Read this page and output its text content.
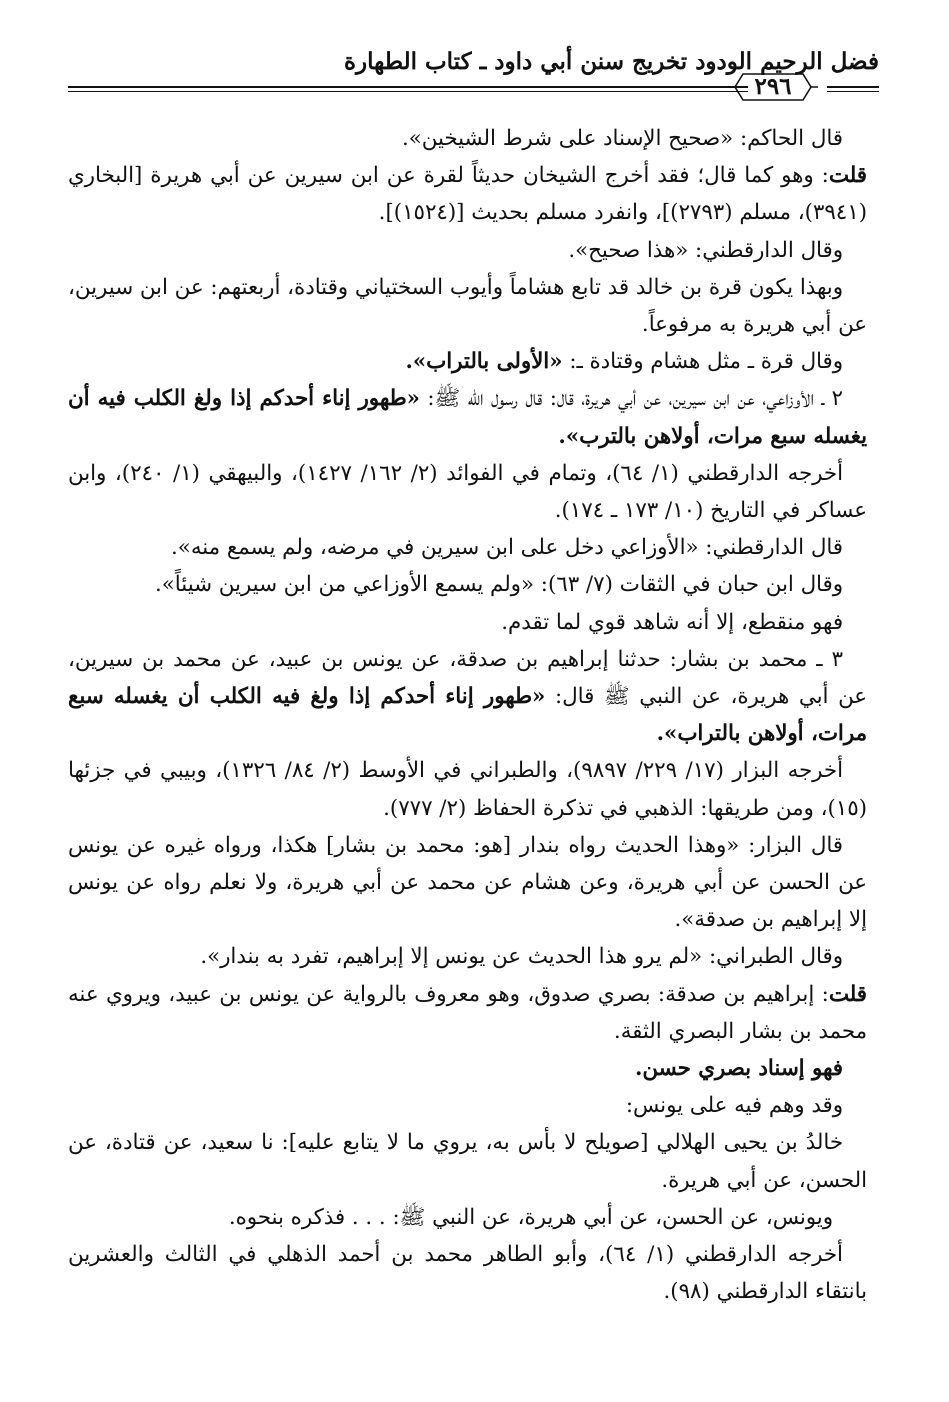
فضل الرحيم الودود تخريج سنن أبي داود ـ كتاب الطهارة
٢٩٦

قال الحاكم: «صحيح الإسناد على شرط الشيخين».

قلت: وهو كما قال؛ فقد أخرج الشيخان حديثاً لقرة عن ابن سيرين عن أبي هريرة [البخاري (٣٩٤١)، مسلم (٢٧٩٣)]، وانفرد مسلم بحديث [(١٥٢٤)].

وقال الدارقطني: «هذا صحيح».

وبهذا يكون قرة بن خالد قد تابع هشاماً وأيوب السختياني وقتادة، أربعتهم: عن ابن سيرين، عن أبي هريرة به مرفوعاً.

وقال قرة ـ مثل هشام وقتادة ـ: «الأولى بالتراب».

٢ ـ الأوزاعي، عن ابن سيرين، عن أبي هريرة، قال: قال رسول الله ﷺ: «طهور إناء أحدكم إذا ولغ الكلب فيه أن يغسله سبع مرات، أولاهن بالترب».

أخرجه الدارقطني (١/ ٦٤)، وتمام في الفوائد (٢/ ١٦٢/ ١٤٢٧)، والبيهقي (١/ ٢٤٠)، وابن عساكر في التاريخ (١٠/ ١٧٣ ـ ١٧٤).

قال الدارقطني: «الأوزاعي دخل على ابن سيرين في مرضه، ولم يسمع منه».

وقال ابن حبان في الثقات (٧/ ٦٣): «ولم يسمع الأوزاعي من ابن سيرين شيئاً».

فهو منقطع، إلا أنه شاهد قوي لما تقدم.

٣ ـ محمد بن بشار: حدثنا إبراهيم بن صدقة، عن يونس بن عبيد، عن محمد بن سيرين، عن أبي هريرة، عن النبي ﷺ قال: «طهور إناء أحدكم إذا ولغ فيه الكلب أن يغسله سبع مرات، أولاهن بالتراب».

أخرجه البزار (١٧/ ٢٢٩/ ٩٨٩٧)، والطبراني في الأوسط (٢/ ٨٤/ ١٣٢٦)، وبيبي في جزئها (١٥)، ومن طريقها: الذهبي في تذكرة الحفاظ (٢/ ٧٧٧).

قال البزار: «وهذا الحديث رواه بندار [هو: محمد بن بشار] هكذا، ورواه غيره عن يونس عن الحسن عن أبي هريرة، وعن هشام عن محمد عن أبي هريرة، ولا نعلم رواه عن يونس إلا إبراهيم بن صدقة».

وقال الطبراني: «لم يرو هذا الحديث عن يونس إلا إبراهيم، تفرد به بندار».

قلت: إبراهيم بن صدقة: بصري صدوق، وهو معروف بالرواية عن يونس بن عبيد، ويروي عنه محمد بن بشار البصري الثقة.

فهو إسناد بصري حسن.

وقد وهم فيه على يونس:

خالدُ بن يحيى الهلالي [صويلح لا بأس به، يروي ما لا يتابع عليه]: نا سعيد، عن قتادة، عن الحسن، عن أبي هريرة.

ويونس، عن الحسن، عن أبي هريرة، عن النبي ﷺ: . . . فذكره بنحوه.

أخرجه الدارقطني (١/ ٦٤)، وأبو الطاهر محمد بن أحمد الذهلي في الثالث والعشرين بانتقاء الدارقطني (٩٨).
